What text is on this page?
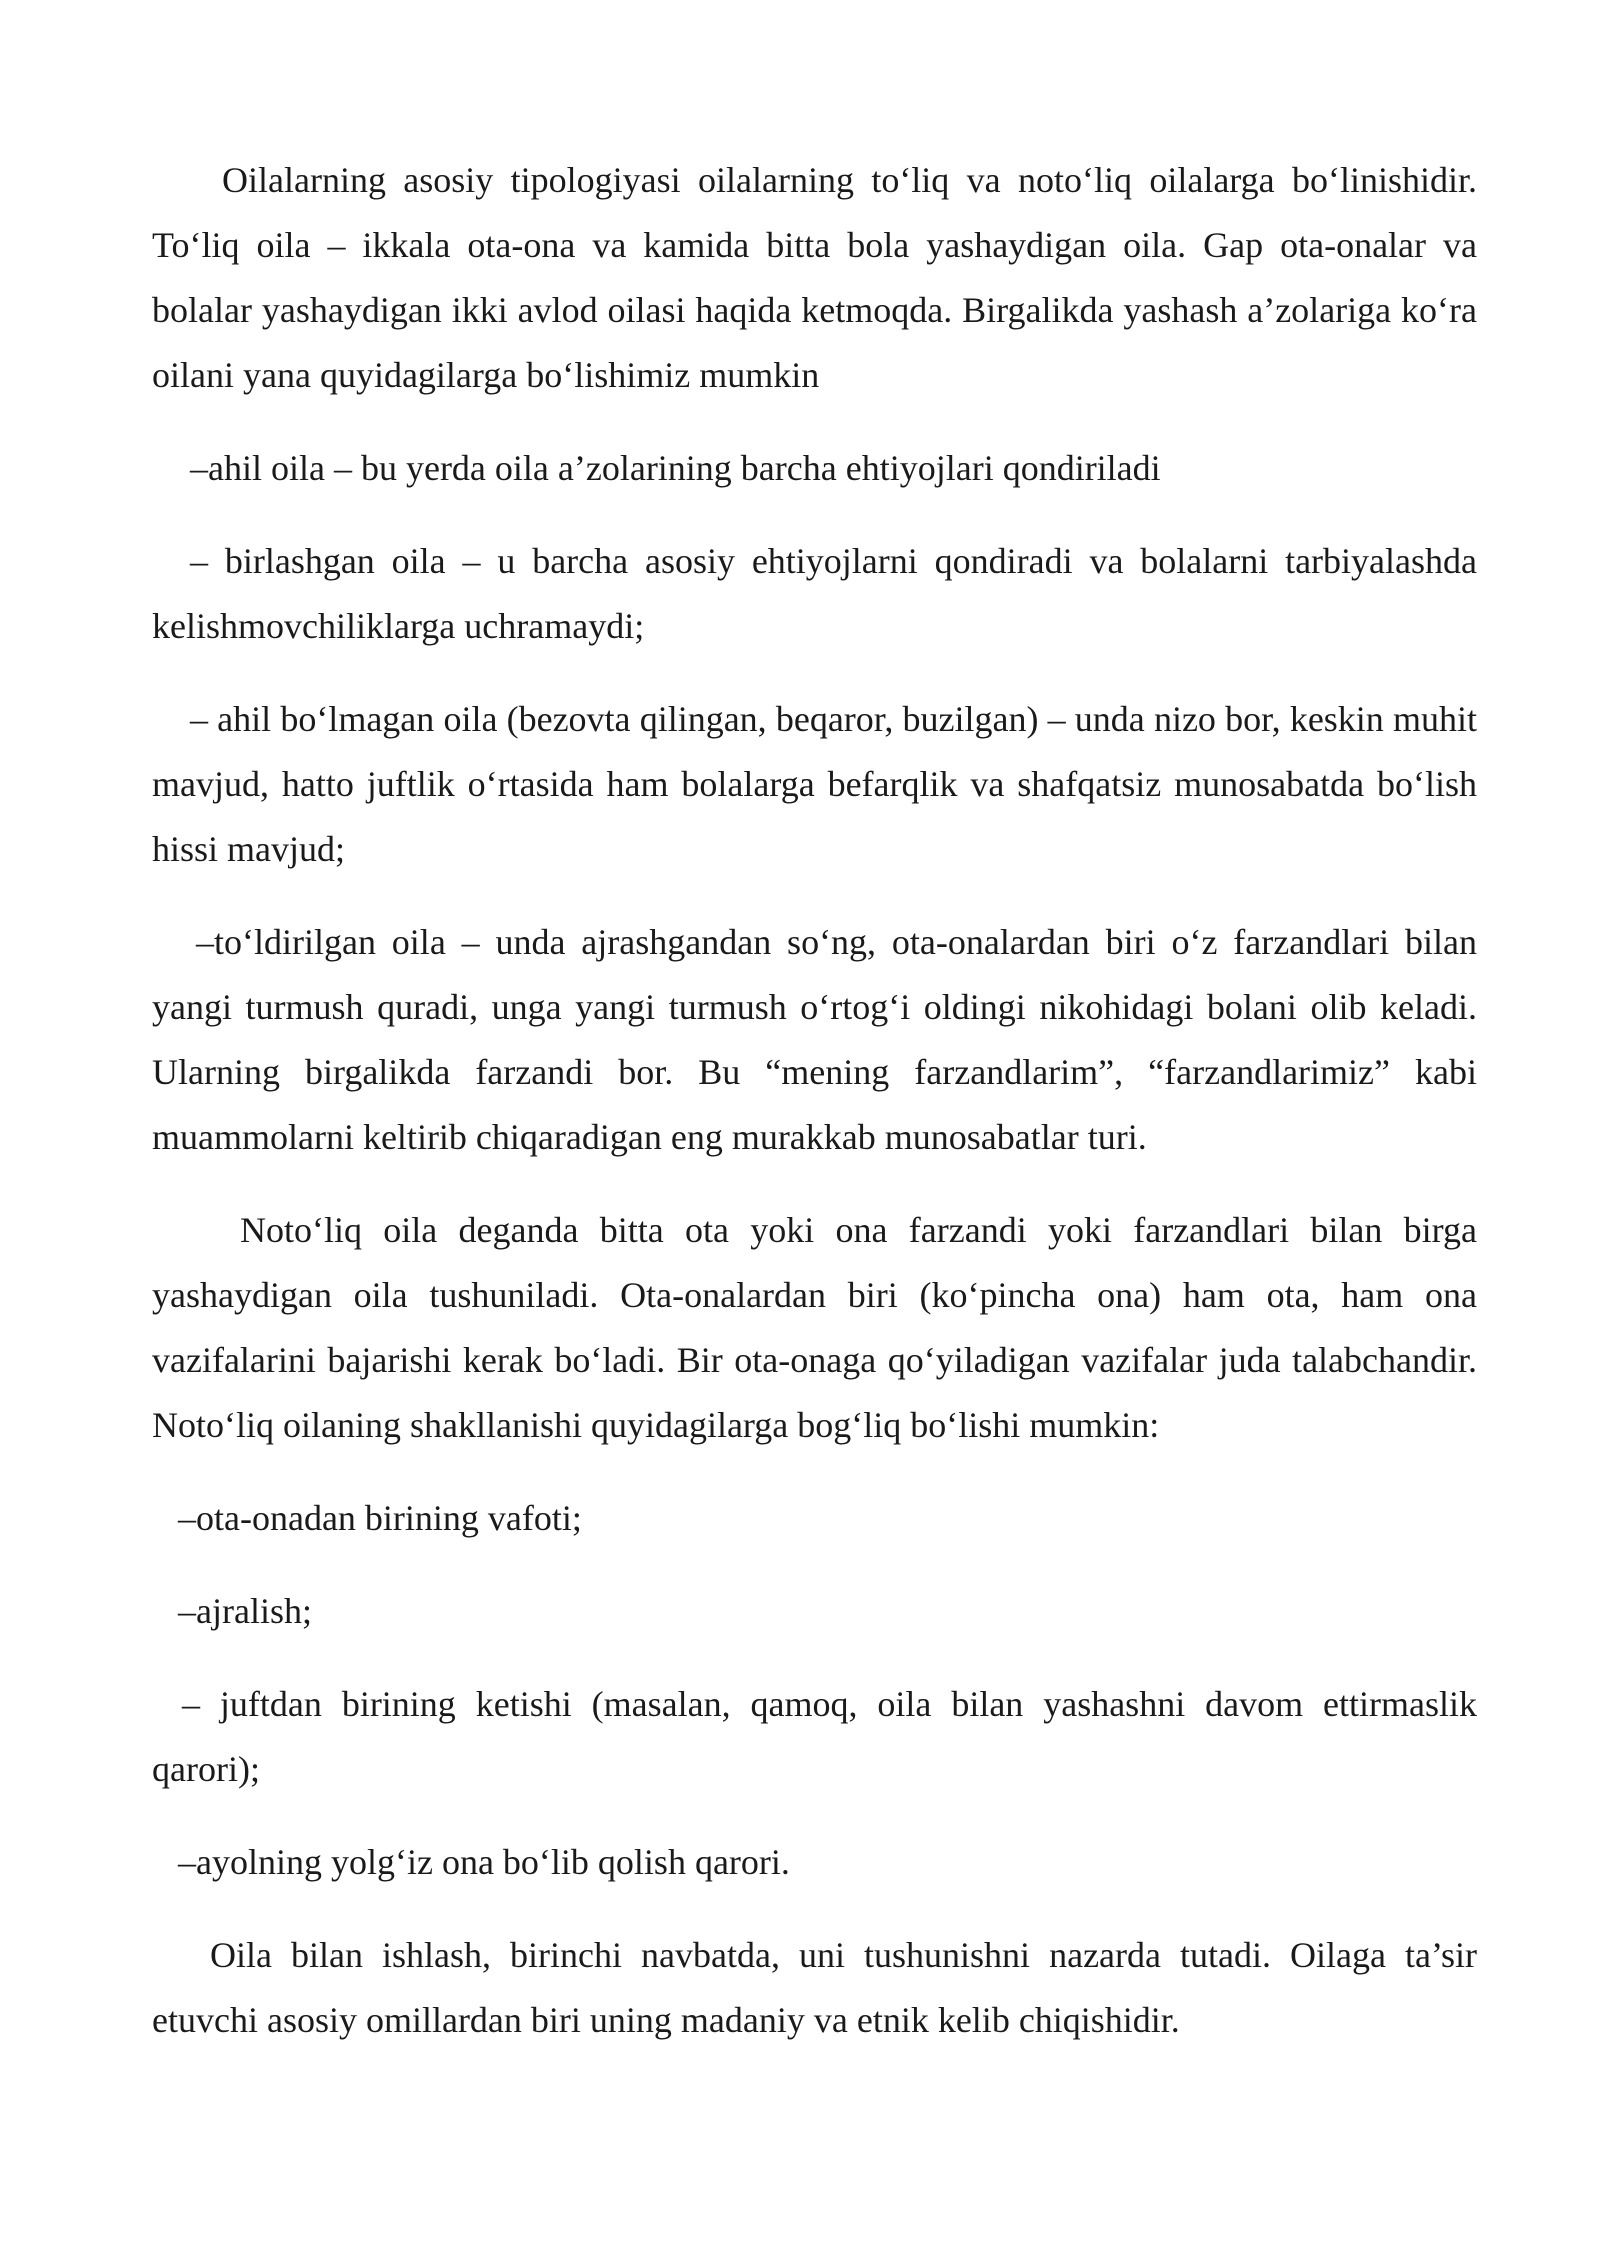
Oilalarning asosiy tipologiyasi oilalarning to‘liq va noto‘liq oilalarga bo‘linishidir. To‘liq oila – ikkala ota-ona va kamida bitta bola yashaydigan oila. Gap ota-onalar va bolalar yashaydigan ikki avlod oilasi haqida ketmoqda. Birgalikda yashash a’zolariga ko‘ra oilani yana quyidagilarga bo‘lishimiz mumkin

–ahil oila – bu yerda oila a’zolarining barcha ehtiyojlari qondiriladi

– birlashgan oila – u barcha asosiy ehtiyojlarni qondiradi va bolalarni tarbiyalashda kelishmovchiliklarga uchramaydi;

– ahil bo‘lmagan oila (bezovta qilingan, beqaror, buzilgan) – unda nizo bor, keskin muhit mavjud, hatto juftlik o‘rtasida ham bolalarga befarqlik va shafqatsiz munosabatda bo‘lish hissi mavjud;

–to‘ldirilgan oila – unda ajrashgandan so‘ng, ota-onalardan biri o‘z farzandlari bilan yangi turmush quradi, unga yangi turmush o‘rtog‘i oldingi nikohidagi bolani olib keladi. Ularning birgalikda farzandi bor. Bu “mening farzandlarim”, “farzandlarimiz” kabi muammolarni keltirib chiqaradigan eng murakkab munosabatlar turi.

Noto‘liq oila deganda bitta ota yoki ona farzandi yoki farzandlari bilan birga yashaydigan oila tushuniladi. Ota-onalardan biri (ko‘pincha ona) ham ota, ham ona vazifalarini bajarishi kerak bo‘ladi. Bir ota-onaga qo‘yiladigan vazifalar juda talabchandir. Noto‘liq oilaning shakllanishi quyidagilarga bog‘liq bo‘lishi mumkin:

–ota-onadan birining vafoti;

–ajralish;

– juftdan birining ketishi (masalan, qamoq, oila bilan yashashni davom ettirmaslik qarori);

–ayolning yolg‘iz ona bo‘lib qolish qarori.

Oila bilan ishlash, birinchi navbatda, uni tushunishni nazarda tutadi. Oilaga ta’sir etuvchi asosiy omillardan biri uning madaniy va etnik kelib chiqishidir.
